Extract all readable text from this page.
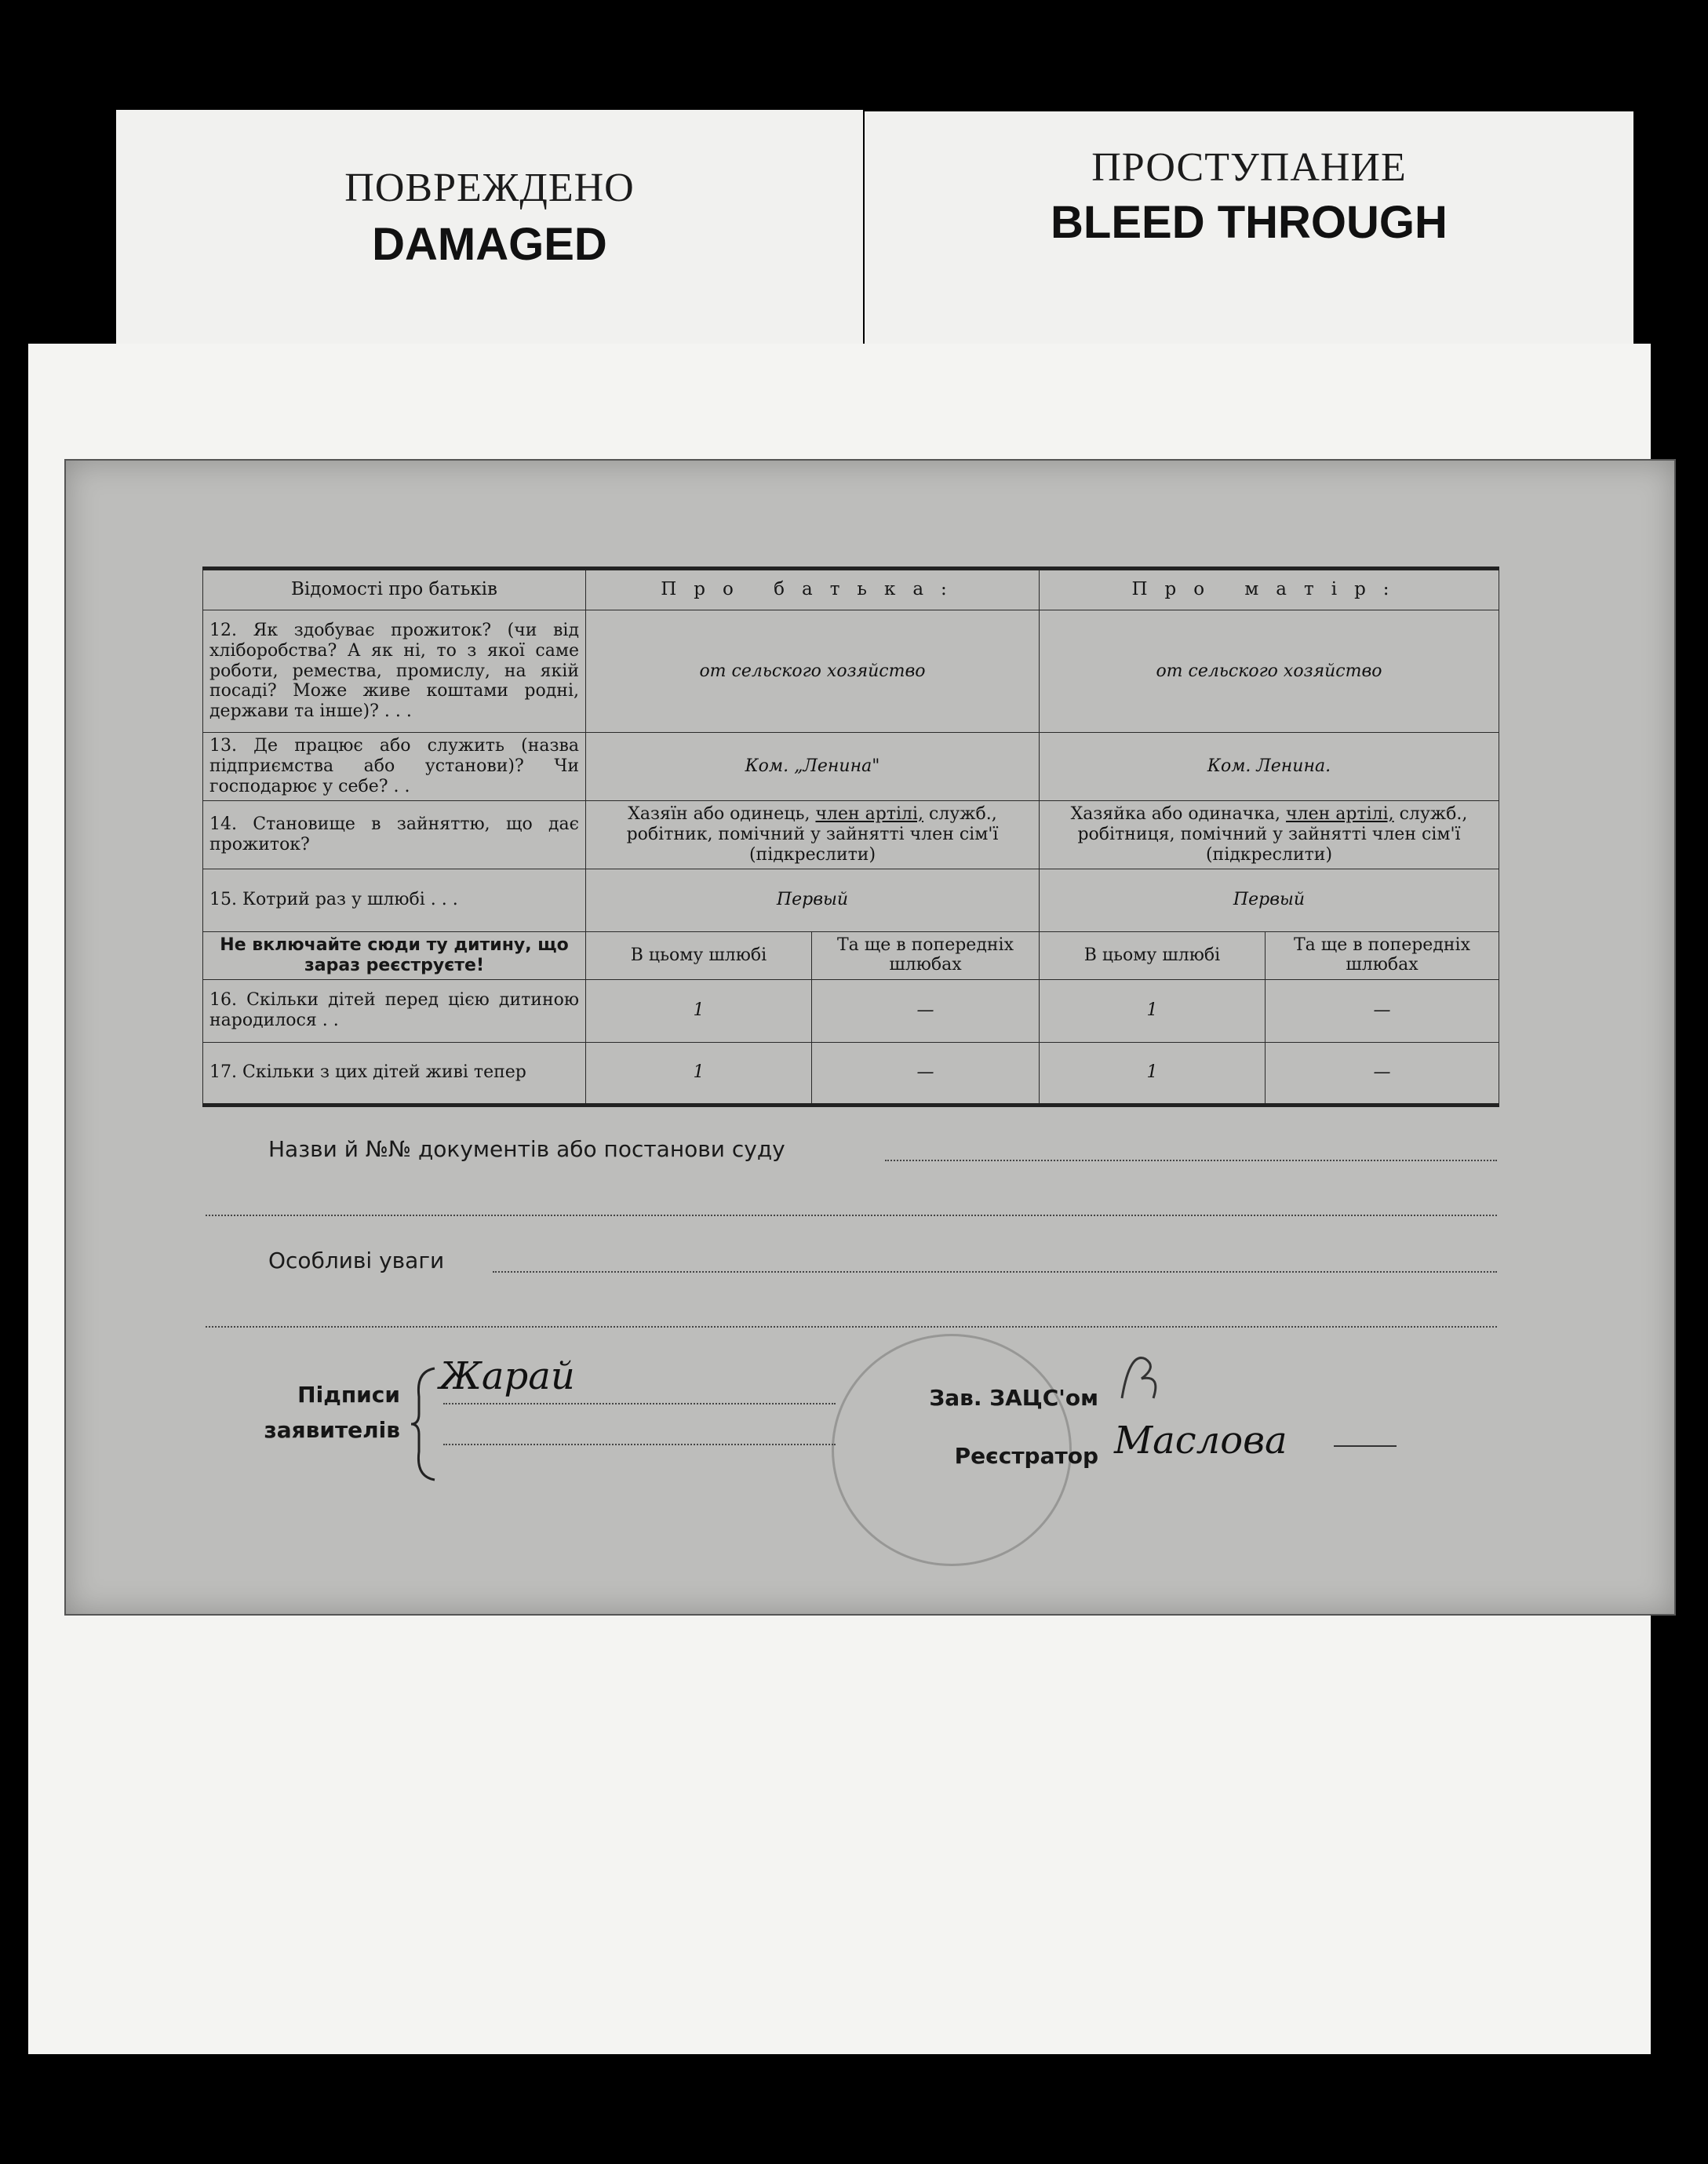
ПОВРЕЖДЕНО
DAMAGED
ПРОСТУПАНИЕ
BLEED THROUGH
Відомості про батьків	Про батька:		Про матір:	
12. Як здобуває прожиток? (чи від хліборобства? А як ні, то з якої саме роботи, ремества, промислу, на якій посаді? Може живе коштами родні, держави та інше)? . . .	от сельского хозяйство		от сельского хозяйство	
13. Де працює або служить (назва підприємства або установи)? Чи господарює у себе? . .	Ком. „Ленина"		Ком. Ленина.	
14. Становище в зайняттю, що дає прожиток?	Хазяїн або одинець, член артілі, служб., робітник, помічний у зайнятті член сім'ї (підкреслити)		Хазяйка або одиначка, член артілі, служб., робітниця, помічний у зайнятті член сім'ї (підкреслити)	
15. Котрий раз у шлюбі . . .	Первый		Первый	
Не включайте сюди ту дитину, що зараз реєструєте!	В цьому шлюбі	Та ще в попередніх шлюбах	В цьому шлюбі	Та ще в попередніх шлюбах
16. Скільки дітей перед цією дитиною народилося . .	1	—	1	—
17. Скільки з цих дітей живі тепер	1	—	1	—
Назви й №№ документів або постанови суду
Особливі уваги
Підписи
заявителів
Жарай	Зав. ЗАЦС'ом
Реєстратор Маслова
